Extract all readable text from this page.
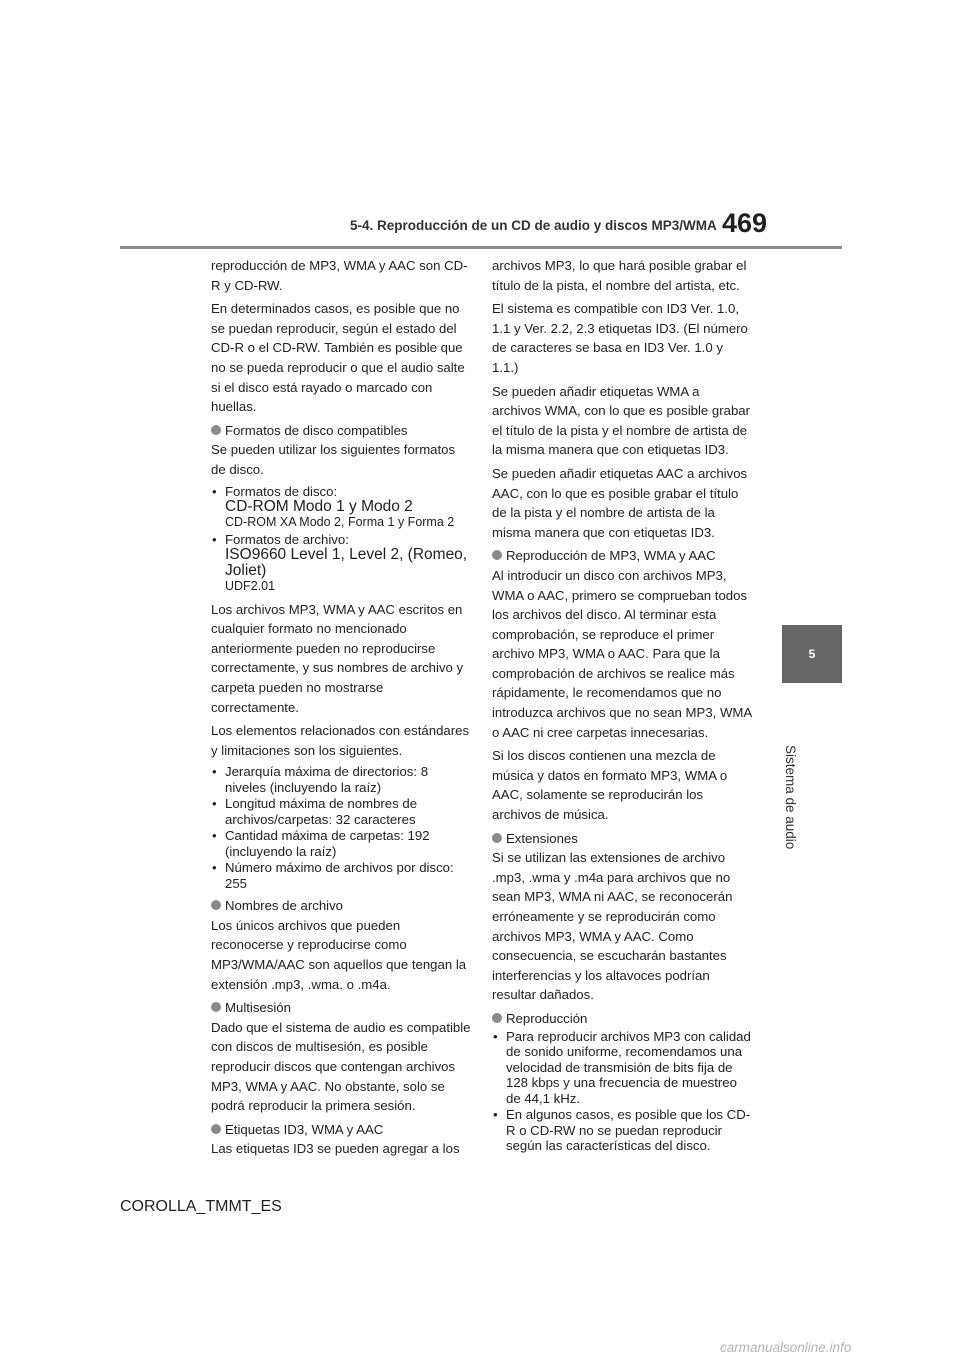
5-4. Reproducción de un CD de audio y discos MP3/WMA 469
5
Sistema de audio

reproducción de MP3, WMA y AAC son CD-R y CD-RW.

En determinados casos, es posible que no se puedan reproducir, según el estado del CD-R o el CD-RW. También es posible que no se pueda reproducir o que el audio salte si el disco está rayado o marcado con huellas.

Formatos de disco compatibles

Se pueden utilizar los siguientes formatos de disco.

• Formatos de disco:
CD-ROM Modo 1 y Modo 2
CD-ROM XA Modo 2, Forma 1 y Forma 2
• Formatos de archivo:
ISO9660 Level 1, Level 2, (Romeo, Joliet)
UDF2.01

Los archivos MP3, WMA y AAC escritos en cualquier formato no mencionado anteriormente pueden no reproducirse correctamente, y sus nombres de archivo y carpeta pueden no mostrarse correctamente.

Los elementos relacionados con estándares y limitaciones son los siguientes.

• Jerarquía máxima de directorios: 8 niveles (incluyendo la raíz)
• Longitud máxima de nombres de archivos/carpetas: 32 caracteres
• Cantidad máxima de carpetas: 192 (incluyendo la raíz)
• Número máximo de archivos por disco: 255
Nombres de archivo

Los únicos archivos que pueden reconocerse y reproducirse como MP3/WMA/AAC son aquellos que tengan la extensión .mp3, .wma. o .m4a.

Multisesión

Dado que el sistema de audio es compatible con discos de multisesión, es posible reproducir discos que contengan archivos MP3, WMA y AAC. No obstante, solo se podrá reproducir la primera sesión.

Etiquetas ID3, WMA y AAC

Las etiquetas ID3 se pueden agregar a los

archivos MP3, lo que hará posible grabar el título de la pista, el nombre del artista, etc.

El sistema es compatible con ID3 Ver. 1.0, 1.1 y Ver. 2.2, 2.3 etiquetas ID3. (El número de caracteres se basa en ID3 Ver. 1.0 y 1.1.)

Se pueden añadir etiquetas WMA a archivos WMA, con lo que es posible grabar el título de la pista y el nombre de artista de la misma manera que con etiquetas ID3.

Se pueden añadir etiquetas AAC a archivos AAC, con lo que es posible grabar el título de la pista y el nombre de artista de la misma manera que con etiquetas ID3.

Reproducción de MP3, WMA y AAC

Al introducir un disco con archivos MP3, WMA o AAC, primero se comprueban todos los archivos del disco. Al terminar esta comprobación, se reproduce el primer archivo MP3, WMA o AAC. Para que la comprobación de archivos se realice más rápidamente, le recomendamos que no introduzca archivos que no sean MP3, WMA o AAC ni cree carpetas innecesarias.

Si los discos contienen una mezcla de música y datos en formato MP3, WMA o AAC, solamente se reproducirán los archivos de música.

Extensiones

Si se utilizan las extensiones de archivo .mp3, .wma y .m4a para archivos que no sean MP3, WMA ni AAC, se reconocerán erróneamente y se reproducirán como archivos MP3, WMA y AAC. Como consecuencia, se escucharán bastantes interferencias y los altavoces podrían resultar dañados.

Reproducción
• Para reproducir archivos MP3 con calidad de sonido uniforme, recomendamos una velocidad de transmisión de bits fija de 128 kbps y una frecuencia de muestreo de 44,1 kHz.
• En algunos casos, es posible que los CD-R o CD-RW no se puedan reproducir según las características del disco.
COROLLA_TMMT_ES
carmanualsonline.info
